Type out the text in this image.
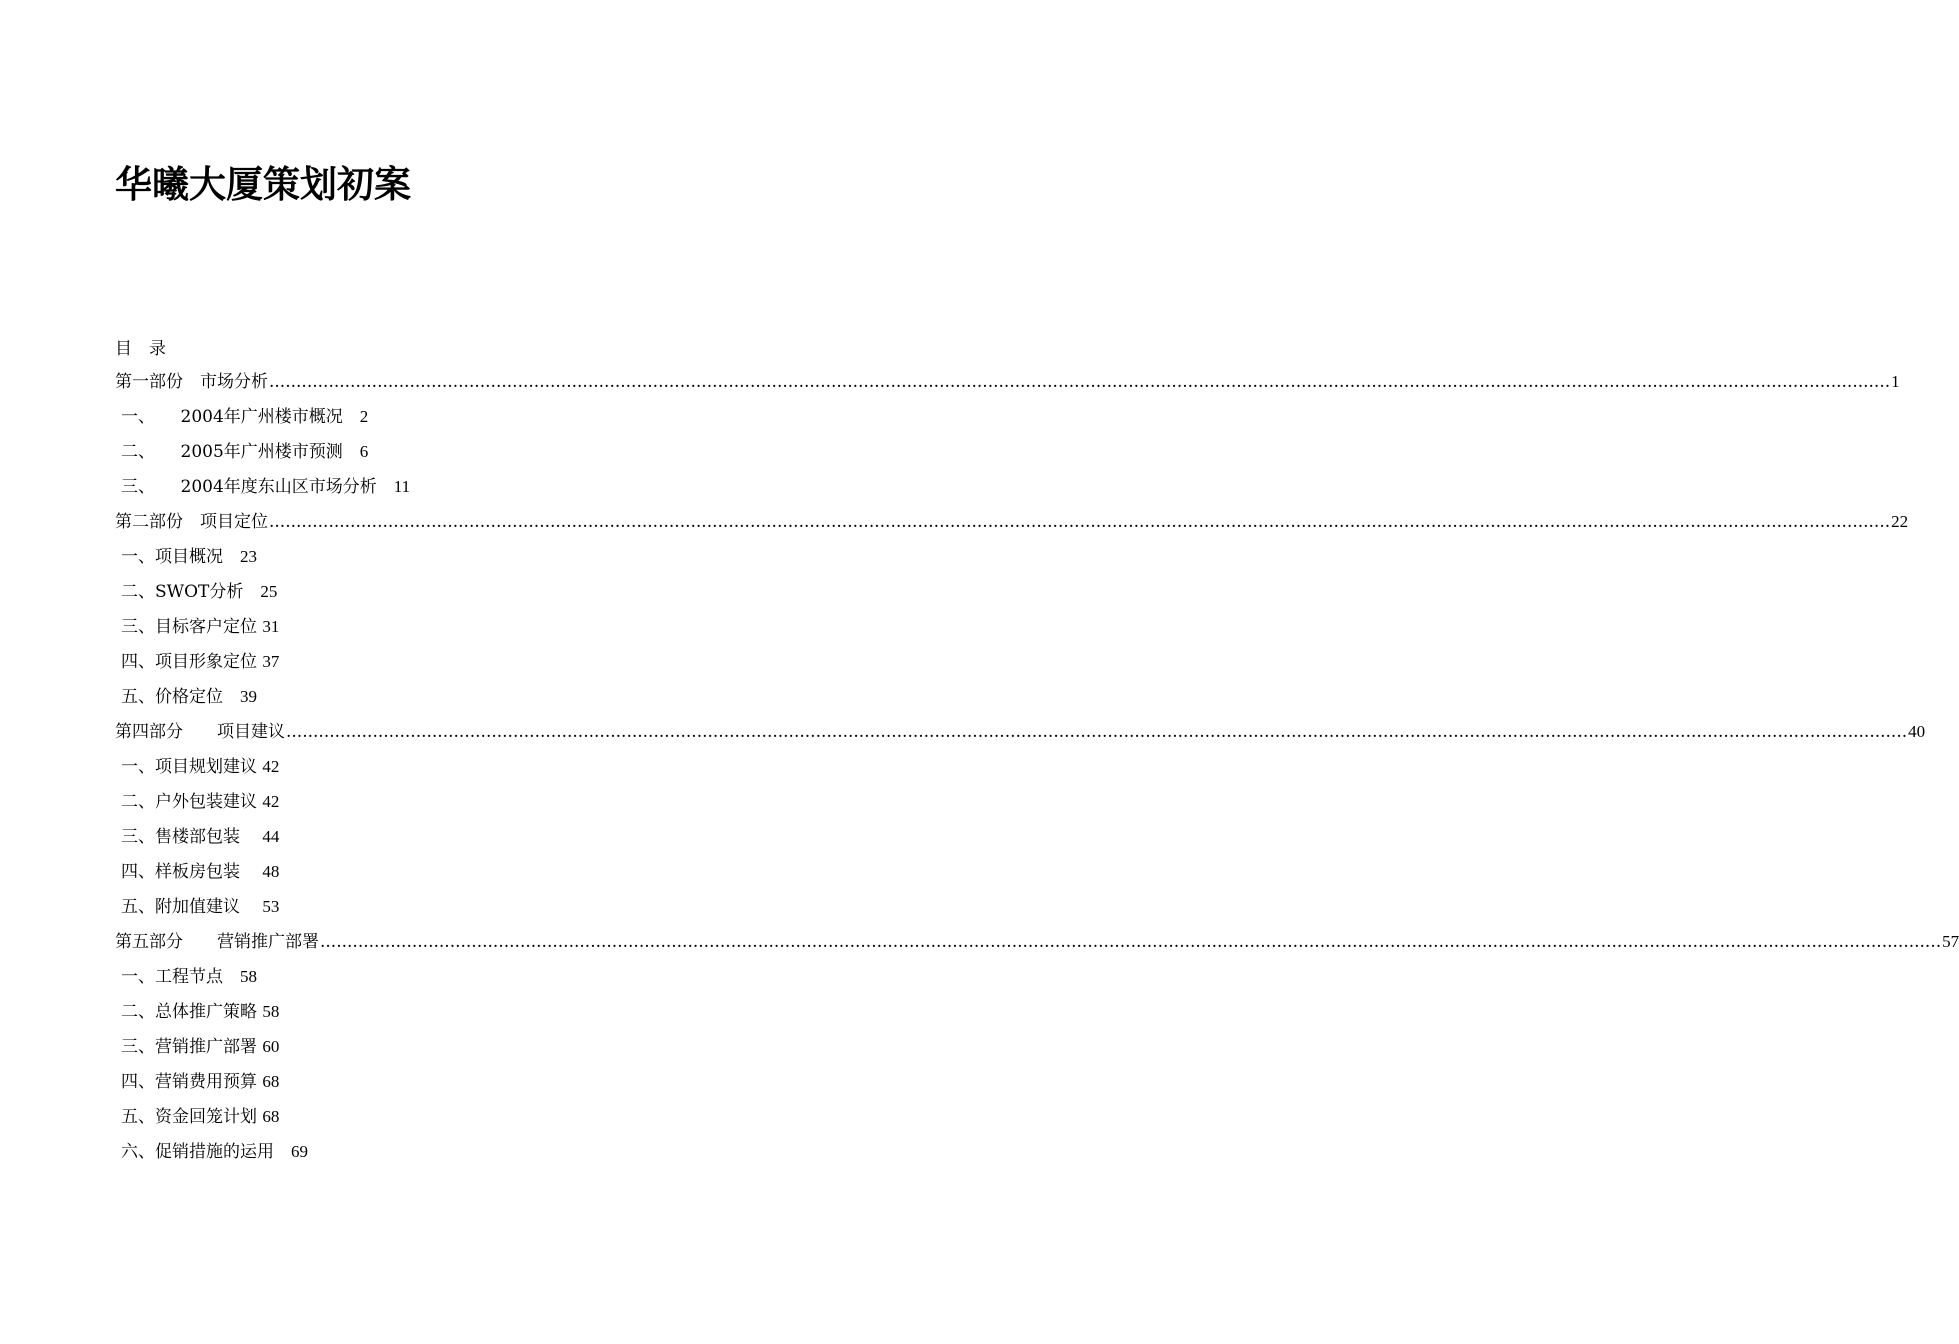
华曦大厦策划初案
目　录
第一部份　市场分析 ............................................................................................................................................................................................................................................................................................................ 1
一、　　2004年广州楼市概况　2
二、　　2005年广州楼市预测　6
三、　　2004年度东山区市场分析　11
第二部份　项目定位 ............................................................................................................................................................................................................................................................................................................ 22
一、项目概况　23
二、SWOT分析　25
三、目标客户定位 31
四、项目形象定位 37
五、价格定位　39
第四部分　　项目建议 ............................................................................................................................................................................................................................................................................................................ 40
一、项目规划建议 42
二、户外包装建议 42
三、售楼部包装　 44
四、样板房包装　 48
五、附加值建议　 53
第五部分　　营销推广部署 ............................................................................................................................................................................................................................................................................................................ 57
一、工程节点　58
二、总体推广策略 58
三、营销推广部署 60
四、营销费用预算 68
五、资金回笼计划 68
六、促销措施的运用　69
